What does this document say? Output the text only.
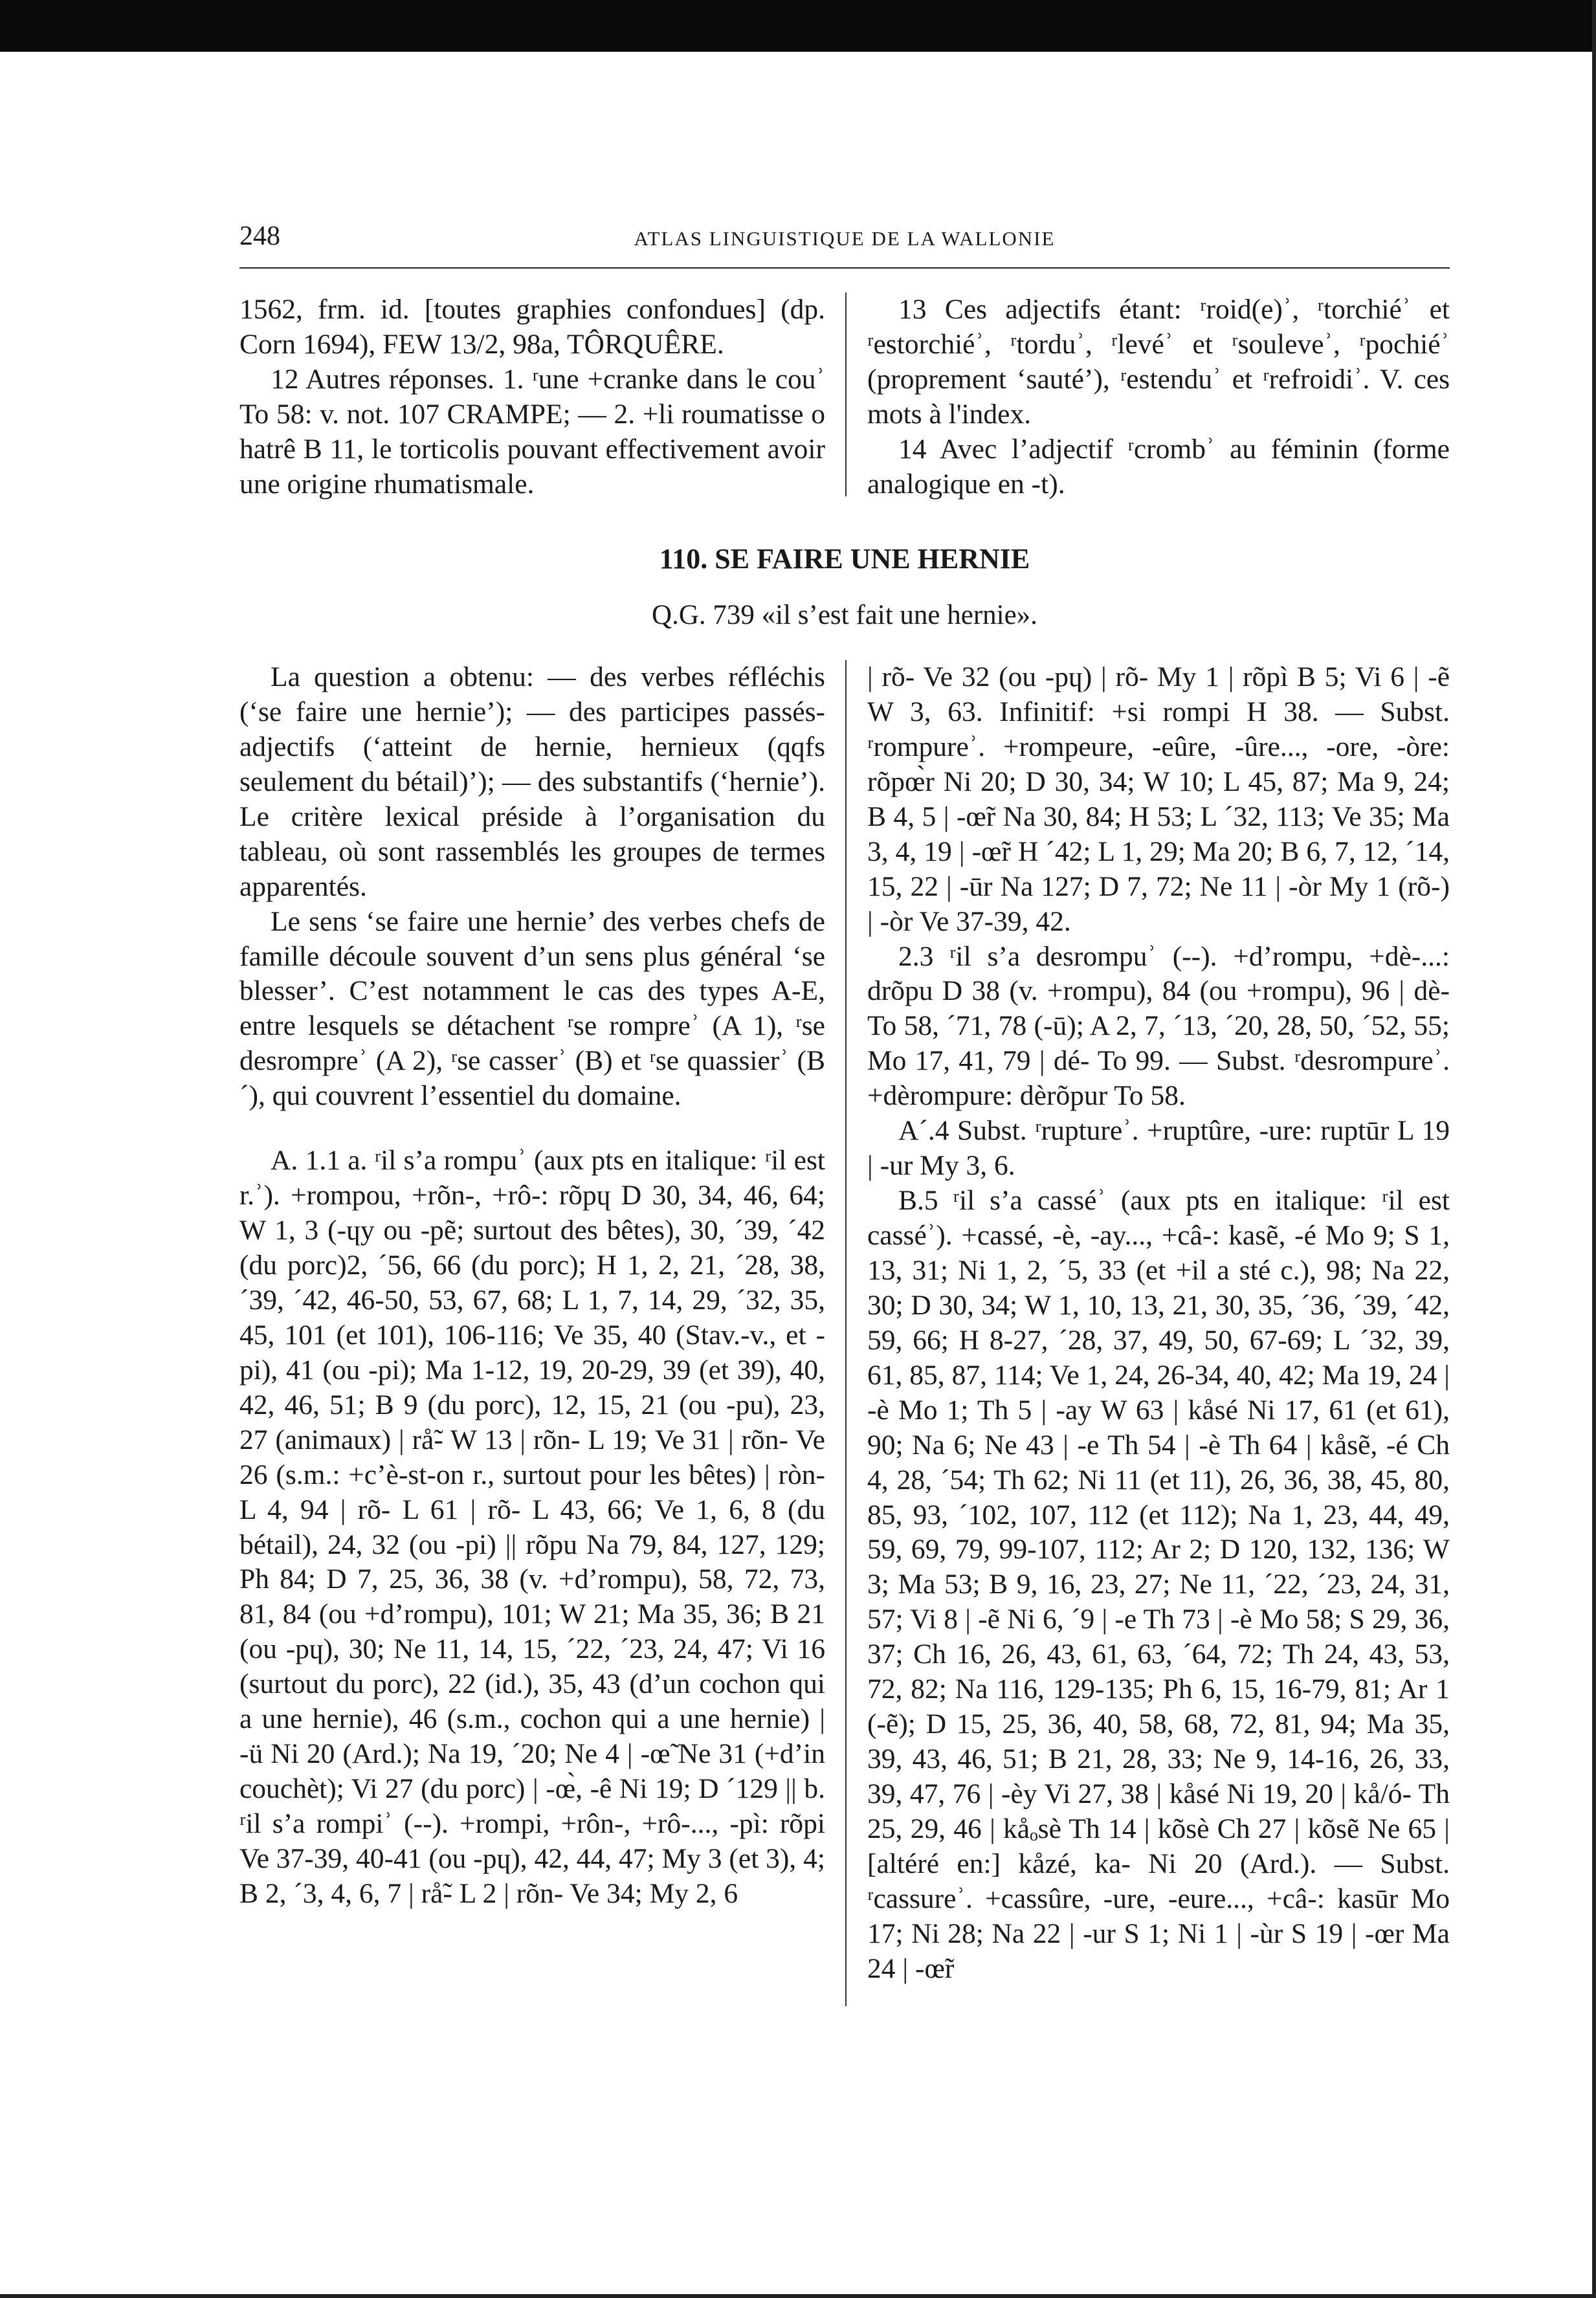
248	ATLAS LINGUISTIQUE DE LA WALLONIE

1562, frm. id. [toutes graphies confondues] (dp. Corn 1694), FEW 13/2, 98a, TÔRQUÊRE.

12 Autres réponses. 1. ʳune +cranke dans le couʾ To 58: v. not. 107 CRAMPE; — 2. +li roumatisse o hatrê B 11, le torticolis pouvant effectivement avoir une origine rhumatismale.

13 Ces adjectifs étant: ʳroid(e)ʾ, ʳtorchiéʾ et ʳestorchiéʾ, ʳtorduʾ, ʳlevéʾ et ʳsouleveʾ, ʳpochiéʾ (proprement ‘sauté’), ʳestenduʾ et ʳrefroidiʾ. V. ces mots à l'index.

14 Avec l’adjectif ʳcrombʾ au féminin (forme analogique en -t).

110. SE FAIRE UNE HERNIE
Q.G. 739 «il s’est fait une hernie».

La question a obtenu: — des verbes réfléchis (‘se faire une hernie’); — des participes passés-adjectifs (‘atteint de hernie, hernieux (qqfs seulement du bétail)’); — des substantifs (‘hernie’). Le critère lexical préside à l’organisation du tableau, où sont rassemblés les groupes de termes apparentés.

Le sens ‘se faire une hernie’ des verbes chefs de famille découle souvent d’un sens plus général ‘se blesser’. C’est notamment le cas des types A-E, entre lesquels se détachent ʳse rompreʾ (A 1), ʳse desrompreʾ (A 2), ʳse casserʾ (B) et ʳse quassierʾ (B´), qui couvrent l’essentiel du domaine.

A. 1.1 a. ʳil s’a rompuʾ (aux pts en italique: ʳil est r.ʾ). +rompou, +rõn-, +rô-: rõpɥ D 30, 34, 46, 64; W 1, 3 (-ɥy ou -pẽ; surtout des bêtes), 30, ´39, ´42 (du porc)2, ´56, 66 (du porc); H 1, 2, 21, ´28, 38, ´39, ´42, 46-50, 53, 67, 68; L 1, 7, 14, 29, ´32, 35, 45, 101 (et 101), 106-116; Ve 35, 40 (Stav.-v., et -pi), 41 (ou -pi); Ma 1-12, 19, 20-29, 39 (et 39), 40, 42, 46, 51; B 9 (du porc), 12, 15, 21 (ou -pu), 23, 27 (animaux) | rå̃- W 13 | rõn- L 19; Ve 31 | rõn- Ve 26 (s.m.: +c’è-st-on r., surtout pour les bêtes) | ròn- L 4, 94 | rõ- L 61 | rõ- L 43, 66; Ve 1, 6, 8 (du bétail), 24, 32 (ou -pi) || rõpu Na 79, 84, 127, 129; Ph 84; D 7, 25, 36, 38 (v. +d’rompu), 58, 72, 73, 81, 84 (ou +d’rompu), 101; W 21; Ma 35, 36; B 21 (ou -pɥ), 30; Ne 11, 14, 15, ´22, ´23, 24, 47; Vi 16 (surtout du porc), 22 (id.), 35, 43 (d’un cochon qui a une hernie), 46 (s.m., cochon qui a une hernie) | -ü Ni 20 (Ard.); Na 19, ´20; Ne 4 | -œ̃ Ne 31 (+d’in couchèt); Vi 27 (du porc) | -œ̀, -ê Ni 19; D ´129 || b. ʳil s’a rompiʾ (--). +rompi, +rôn-, +rô-..., -pì: rõpi Ve 37-39, 40-41 (ou -pɥ), 42, 44, 47; My 3 (et 3), 4; B 2, ´3, 4, 6, 7 | rå̃- L 2 | rõn- Ve 34; My 2, 6

| rõ- Ve 32 (ou -pɥ) | rõ- My 1 | rõpì B 5; Vi 6 | -ẽ W 3, 63. Infinitif: +si rompi H 38. — Subst. ʳrompureʾ. +rompeure, -eûre, -ûre..., -ore, -òre: rõpœ̀r Ni 20; D 30, 34; W 10; L 45, 87; Ma 9, 24; B 4, 5 | -œ̃r Na 30, 84; H 53; L ´32, 113; Ve 35; Ma 3, 4, 19 | -œ̃r H ´42; L 1, 29; Ma 20; B 6, 7, 12, ´14, 15, 22 | -ūr Na 127; D 7, 72; Ne 11 | -òr My 1 (rõ-) | -òr Ve 37-39, 42.

2.3 ʳil s’a desrompuʾ (--). +d’rompu, +dè-...: drõpu D 38 (v. +rompu), 84 (ou +rompu), 96 | dè- To 58, ´71, 78 (-ū); A 2, 7, ´13, ´20, 28, 50, ´52, 55; Mo 17, 41, 79 | dé- To 99. — Subst. ʳdesrompureʾ. +dèrompure: dèrõpur To 58.

A´.4 Subst. ʳruptureʾ. +ruptûre, -ure: ruptūr L 19 | -ur My 3, 6.

B.5 ʳil s’a casséʾ (aux pts en italique: ʳil est casséʾ). +cassé, -è, -ay..., +câ-: kasẽ, -é Mo 9; S 1, 13, 31; Ni 1, 2, ´5, 33 (et +il a sté c.), 98; Na 22, 30; D 30, 34; W 1, 10, 13, 21, 30, 35, ´36, ´39, ´42, 59, 66; H 8-27, ´28, 37, 49, 50, 67-69; L ´32, 39, 61, 85, 87, 114; Ve 1, 24, 26-34, 40, 42; Ma 19, 24 | -è Mo 1; Th 5 | -ay W 63 | kåsé Ni 17, 61 (et 61), 90; Na 6; Ne 43 | -e Th 54 | -è Th 64 | kåsẽ, -é Ch 4, 28, ´54; Th 62; Ni 11 (et 11), 26, 36, 38, 45, 80, 85, 93, ´102, 107, 112 (et 112); Na 1, 23, 44, 49, 59, 69, 79, 99-107, 112; Ar 2; D 120, 132, 136; W 3; Ma 53; B 9, 16, 23, 27; Ne 11, ´22, ´23, 24, 31, 57; Vi 8 | -ẽ Ni 6, ´9 | -e Th 73 | -è Mo 58; S 29, 36, 37; Ch 16, 26, 43, 61, 63, ´64, 72; Th 24, 43, 53, 72, 82; Na 116, 129-135; Ph 6, 15, 16-79, 81; Ar 1 (-ẽ); D 15, 25, 36, 40, 58, 68, 72, 81, 94; Ma 35, 39, 43, 46, 51; B 21, 28, 33; Ne 9, 14-16, 26, 33, 39, 47, 76 | -èy Vi 27, 38 | kåsé Ni 19, 20 | kå/ó- Th 25, 29, 46 | kåₒsè Th 14 | kõsè Ch 27 | kõsẽ Ne 65 | [altéré en:] kåzé, ka- Ni 20 (Ard.). — Subst. ʳcassureʾ. +cassûre, -ure, -eure..., +câ-: kasūr Mo 17; Ni 28; Na 22 | -ur S 1; Ni 1 | -ùr S 19 | -œr Ma 24 | -œ̃r
